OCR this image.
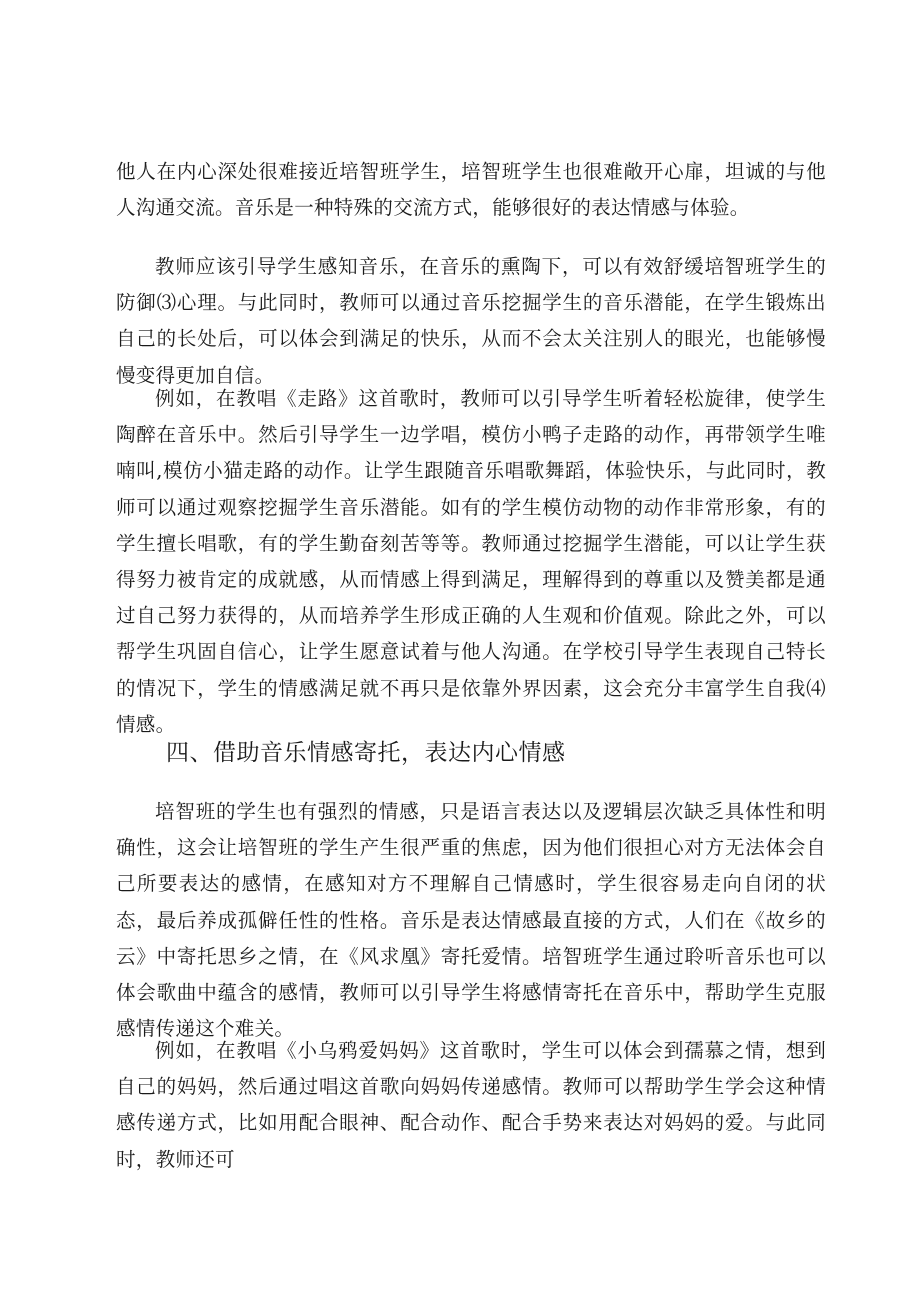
他人在内心深处很难接近培智班学生，培智班学生也很难敞开心扉，坦诚的与他人沟通交流。音乐是一种特殊的交流方式，能够很好的表达情感与体验。

教师应该引导学生感知音乐，在音乐的熏陶下，可以有效舒缓培智班学生的防御⑶心理。与此同时，教师可以通过音乐挖掘学生的音乐潜能，在学生锻炼出自己的长处后，可以体会到满足的快乐，从而不会太关注别人的眼光，也能够慢慢变得更加自信。

例如，在教唱《走路》这首歌时，教师可以引导学生听着轻松旋律，使学生陶醉在音乐中。然后引导学生一边学唱，模仿小鸭子走路的动作，再带领学生唯喃叫,模仿小猫走路的动作。让学生跟随音乐唱歌舞蹈，体验快乐，与此同时，教师可以通过观察挖掘学生音乐潜能。如有的学生模仿动物的动作非常形象，有的学生擅长唱歌，有的学生勤奋刻苦等等。教师通过挖掘学生潜能，可以让学生获得努力被肯定的成就感，从而情感上得到满足，理解得到的尊重以及赞美都是通过自己努力获得的，从而培养学生形成正确的人生观和价值观。除此之外，可以帮学生巩固自信心，让学生愿意试着与他人沟通。在学校引导学生表现自己特长的情况下，学生的情感满足就不再只是依靠外界因素，这会充分丰富学生自我⑷情感。

四、借助音乐情感寄托，表达内心情感

培智班的学生也有强烈的情感，只是语言表达以及逻辑层次缺乏具体性和明确性，这会让培智班的学生产生很严重的焦虑，因为他们很担心对方无法体会自己所要表达的感情，在感知对方不理解自己情感时，学生很容易走向自闭的状态，最后养成孤僻任性的性格。音乐是表达情感最直接的方式，人们在《故乡的云》中寄托思乡之情，在《风求凰》寄托爱情。培智班学生通过聆听音乐也可以体会歌曲中蕴含的感情，教师可以引导学生将感情寄托在音乐中，帮助学生克服感情传递这个难关。

例如，在教唱《小乌鸦爱妈妈》这首歌时，学生可以体会到孺慕之情，想到自己的妈妈，然后通过唱这首歌向妈妈传递感情。教师可以帮助学生学会这种情感传递方式，比如用配合眼神、配合动作、配合手势来表达对妈妈的爱。与此同时，教师还可
